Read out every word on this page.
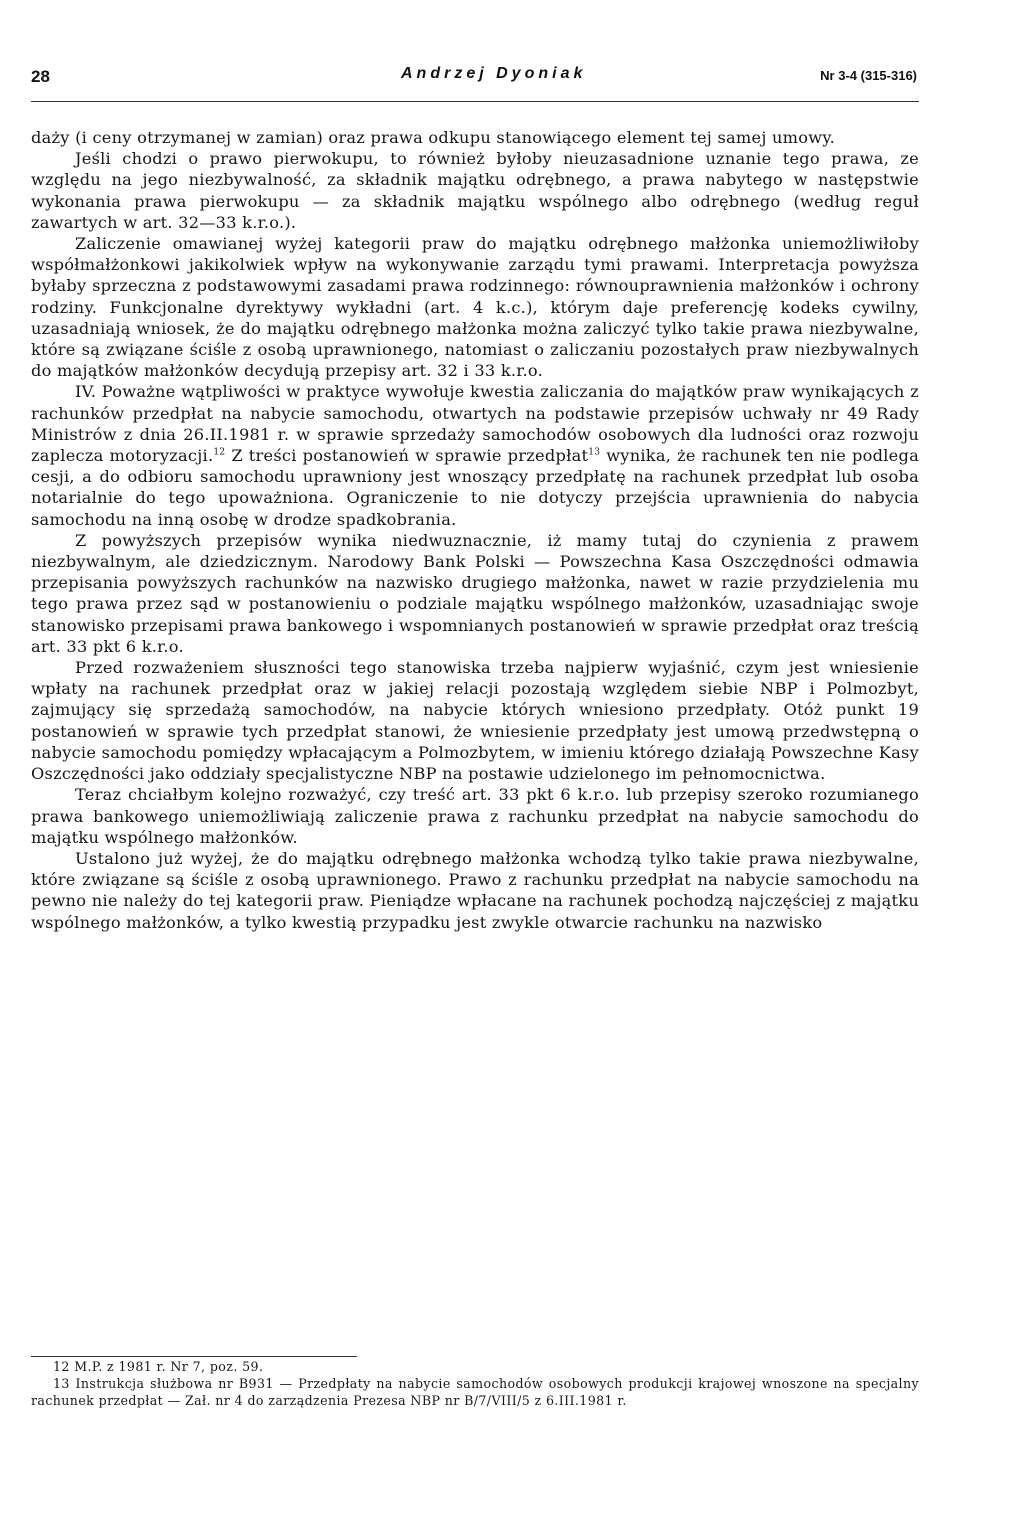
28	Andrzej Dyoniak	Nr 3-4 (315-316)

daży (i ceny otrzymanej w zamian) oraz prawa odkupu stanowiącego element tej samej umowy.

Jeśli chodzi o prawo pierwokupu, to również byłoby nieuzasadnione uznanie tego prawa, ze względu na jego niezbywalność, za składnik majątku odrębnego, a prawa nabytego w następstwie wykonania prawa pierwokupu — za składnik majątku wspólnego albo odrębnego (według reguł zawartych w art. 32—33 k.r.o.).

Zaliczenie omawianej wyżej kategorii praw do majątku odrębnego małżonka uniemożliwiłoby współmałżonkowi jakikolwiek wpływ na wykonywanie zarządu tymi prawami. Interpretacja powyższa byłaby sprzeczna z podstawowymi zasadami prawa rodzinnego: równouprawnienia małżonków i ochrony rodziny. Funkcjonalne dyrektywy wykładni (art. 4 k.c.), którym daje preferencję kodeks cywilny, uzasadniają wniosek, że do majątku odrębnego małżonka można zaliczyć tylko takie prawa niezbywalne, które są związane ściśle z osobą uprawnionego, natomiast o zaliczaniu pozostałych praw niezbywalnych do majątków małżonków decydują przepisy art. 32 i 33 k.r.o.

IV. Poważne wątpliwości w praktyce wywołuje kwestia zaliczania do majątków praw wynikających z rachunków przedpłat na nabycie samochodu, otwartych na podstawie przepisów uchwały nr 49 Rady Ministrów z dnia 26.II.1981 r. w sprawie sprzedaży samochodów osobowych dla ludności oraz rozwoju zaplecza motoryzacji.$^{12}$ Z treści postanowień w sprawie przedpłat$^{13}$ wynika, że rachunek ten nie podlega cesji, a do odbioru samochodu uprawniony jest wnoszący przedpłatę na rachunek przedpłat lub osoba notarialnie do tego upoważniona. Ograniczenie to nie dotyczy przejścia uprawnienia do nabycia samochodu na inną osobę w drodze spadkobrania.

Z powyższych przepisów wynika niedwuznacznie, iż mamy tutaj do czynienia z prawem niezbywalnym, ale dziedzicznym. Narodowy Bank Polski — Powszechna Kasa Oszczędności odmawia przepisania powyższych rachunków na nazwisko drugiego małżonka, nawet w razie przydzielenia mu tego prawa przez sąd w postanowieniu o podziale majątku wspólnego małżonków, uzasadniając swoje stanowisko przepisami prawa bankowego i wspomnianych postanowień w sprawie przedpłat oraz treścią art. 33 pkt 6 k.r.o.

Przed rozważeniem słuszności tego stanowiska trzeba najpierw wyjaśnić, czym jest wniesienie wpłaty na rachunek przedpłat oraz w jakiej relacji pozostają względem siebie NBP i Polmozbyt, zajmujący się sprzedażą samochodów, na nabycie których wniesiono przedpłaty. Otóż punkt 19 postanowień w sprawie tych przedpłat stanowi, że wniesienie przedpłaty jest umową przedwstępną o nabycie samochodu pomiędzy wpłacającym a Polmozbytem, w imieniu którego działają Powszechne Kasy Oszczędności jako oddziały specjalistyczne NBP na postawie udzielonego im pełnomocnictwa.

Teraz chciałbym kolejno rozważyć, czy treść art. 33 pkt 6 k.r.o. lub przepisy szeroko rozumianego prawa bankowego uniemożliwiają zaliczenie prawa z rachunku przedpłat na nabycie samochodu do majątku wspólnego małżonków.

Ustalono już wyżej, że do majątku odrębnego małżonka wchodzą tylko takie prawa niezbywalne, które związane są ściśle z osobą uprawnionego. Prawo z rachunku przedpłat na nabycie samochodu na pewno nie należy do tej kategorii praw. Pieniądze wpłacane na rachunek pochodzą najczęściej z majątku wspólnego małżonków, a tylko kwestią przypadku jest zwykle otwarcie rachunku na nazwisko

12 M.P. z 1981 r. Nr 7, poz. 59.

13 Instrukcja służbowa nr B931 — Przedpłaty na nabycie samochodów osobowych produkcji krajowej wnoszone na specjalny rachunek przedpłat — Zał. nr 4 do zarządzenia Prezesa NBP nr B/7/VIII/5 z 6.III.1981 r.
